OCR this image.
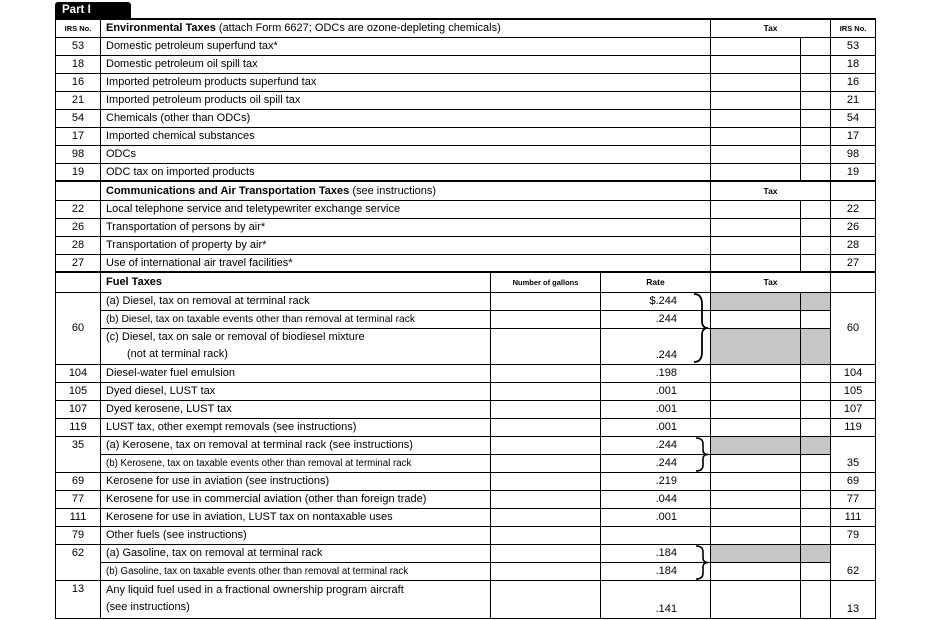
Part I
IRS No.	Environmental Taxes (attach Form 6627; ODCs are ozone-depleting chemicals)			Tax		IRS No.
53	Domestic petroleum superfund tax*					53
18	Domestic petroleum oil spill tax					18
16	Imported petroleum products superfund tax					16
21	Imported petroleum products oil spill tax					21
54	Chemicals (other than ODCs)					54
17	Imported chemical substances					17
98	ODCs					98
19	ODC tax on imported products					19
	Communications and Air Transportation Taxes (see instructions)			Tax		
22	Local telephone service and teletypewriter exchange service					22
26	Transportation of persons by air*					26
28	Transportation of property by air*					28
27	Use of international air travel facilities*					27
	Fuel Taxes	Number of gallons	Rate	Tax		
60	(a) Diesel, tax on removal at terminal rack		$.244			60
	(b) Diesel, tax on taxable events other than removal at terminal rack		.244			

	(c) Diesel, tax on sale or removal of biodiesel mixture
(not at terminal rack)		.244			
104	Diesel-water fuel emulsion		.198			104
105	Dyed diesel, LUST tax		.001			105
107	Dyed kerosene, LUST tax		.001			107
119	LUST tax, other exempt removals (see instructions)		.001			119
35	(a) Kerosene, tax on removal at terminal rack (see instructions)		.244			35
	(b) Kerosene, tax on taxable events other than removal at terminal rack		.244			
69	Kerosene for use in aviation (see instructions)		.219			69
77	Kerosene for use in commercial aviation (other than foreign trade)		.044			77
111	Kerosene for use in aviation, LUST tax on nontaxable uses		.001			111
79	Other fuels (see instructions)					79
62	(a) Gasoline, tax on removal at terminal rack		.184			62
	(b) Gasoline, tax on taxable events other than removal at terminal rack		.184			
13	Any liquid fuel used in a fractional ownership program aircraft
(see instructions)		.141			13
